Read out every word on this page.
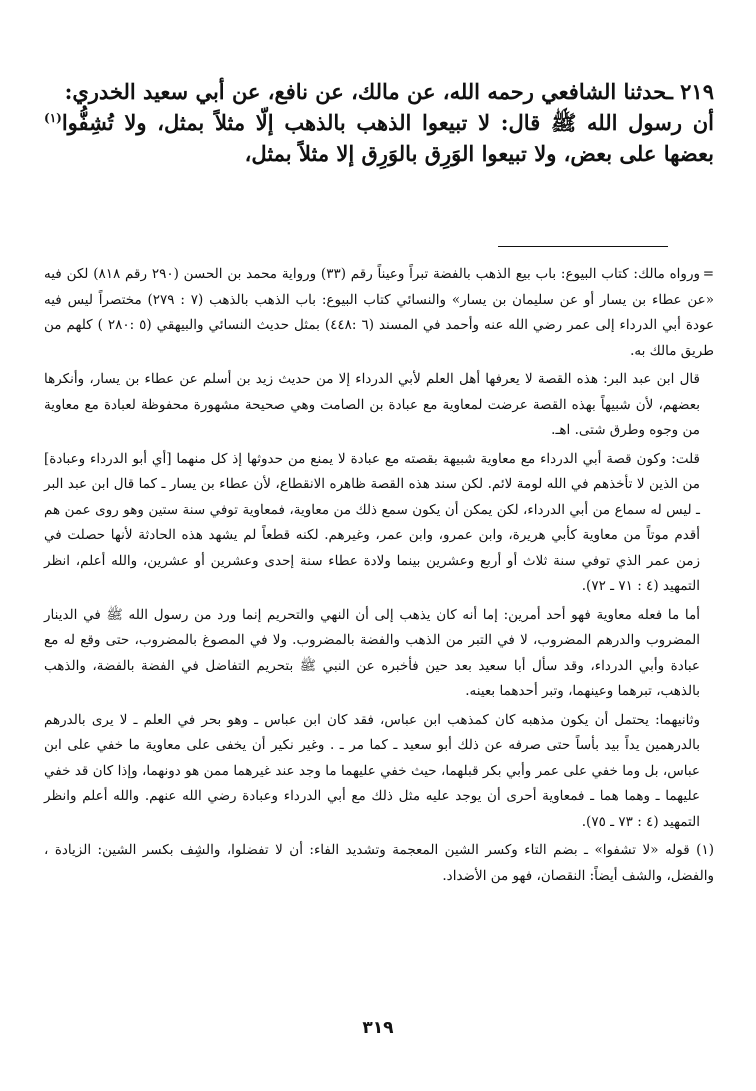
٢١٩ ـحدثنا الشافعي رحمه الله، عن مالك، عن نافع، عن أبي سعيد الخدري:

أن رسول الله ﷺ قال: لا تبيعوا الذهب بالذهب إلّا مثلاً بمثل، ولا تُشِفُّوا$^{(١)}$ بعضها على بعض، ولا تبيعوا الوَرِق بالوَرِق إلا مثلاً بمثل،

=ورواه مالك: كتاب البيوع: باب بيع الذهب بالفضة تبراً وعيناً رقم (٣٣) ورواية محمد بن الحسن (٢٩٠ رقم ٨١٨) لكن فيه «عن عطاء بن يسار أو عن سليمان بن يسار» والنسائي كتاب البيوع: باب الذهب بالذهب (٧ : ٢٧٩) مختصراً ليس فيه عودة أبي الدرداء إلى عمر رضي الله عنه وأحمد في المسند (٦ :٤٤٨) بمثل حديث النسائي والبيهقي (٥ :٢٨٠ ) كلهم من طريق مالك به.

قال ابن عبد البر: هذه القصة لا يعرفها أهل العلم لأبي الدرداء إلا من حديث زيد بن أسلم عن عطاء بن يسار، وأنكرها بعضهم، لأن شبيهاً بهذه القصة عرضت لمعاوية مع عبادة بن الصامت وهي صحيحة مشهورة محفوظة لعبادة مع معاوية من وجوه وطرق شتى. اهـ.

قلت: وكون قصة أبي الدرداء مع معاوية شبيهة بقصته مع عبادة لا يمنع من حدوثها إذ كل منهما [أي أبو الدرداء وعبادة] من الذين لا تأخذهم في الله لومة لائم. لكن سند هذه القصة ظاهره الانقطاع، لأن عطاء بن يسار ـ كما قال ابن عبد البر ـ ليس له سماع من أبي الدرداء، لكن يمكن أن يكون سمع ذلك من معاوية، فمعاوية توفي سنة ستين وهو روى عمن هم أقدم موتاً من معاوية كأبي هريرة، وابن عمرو، وابن عمر، وغيرهم. لكنه قطعاً لم يشهد هذه الحادثة لأنها حصلت في زمن عمر الذي توفي سنة ثلاث أو أربع وعشرين بينما ولادة عطاء سنة إحدى وعشرين أو عشرين، والله أعلم، انظر التمهيد (٤ : ٧١ ـ ٧٢).

أما ما فعله معاوية فهو أحد أمرين: إما أنه كان يذهب إلى أن النهي والتحريم إنما ورد من رسول الله ﷺ في الدينار المضروب والدرهم المضروب، لا في التبر من الذهب والفضة بالمضروب. ولا في المصوغ بالمضروب، حتى وقع له مع عبادة وأبي الدرداء، وقد سأل أبا سعيد بعد حين فأخبره عن النبي ﷺ بتحريم التفاضل في الفضة بالفضة، والذهب بالذهب، تبرهما وعينهما، وتبر أحدهما بعينه.

وثانيهما: يحتمل أن يكون مذهبه كان كمذهب ابن عباس، فقد كان ابن عباس ـ وهو بحر في العلم ـ لا يرى بالدرهم بالدرهمين يداً بيد بأساً حتى صرفه عن ذلك أبو سعيد ـ كما مر ـ . وغير نكير أن يخفى على معاوية ما خفي على ابن عباس، بل وما خفي على عمر وأبي بكر قبلهما، حيث خفي عليهما ما وجد عند غيرهما ممن هو دونهما، وإذا كان قد خفي عليهما ـ وهما هما ـ فمعاوية أحرى أن يوجد عليه مثل ذلك مع أبي الدرداء وعبادة رضي الله عنهم. والله أعلم وانظر التمهيد (٤ : ٧٣ ـ ٧٥).

(١) قوله «لا تشفوا» ـ بضم التاء وكسر الشين المعجمة وتشديد الفاء: أن لا تفضلوا، والشِف بكسر الشين: الزيادة ، والفضل، والشف أيضاً: النقصان، فهو من الأضداد.

٣١٩
